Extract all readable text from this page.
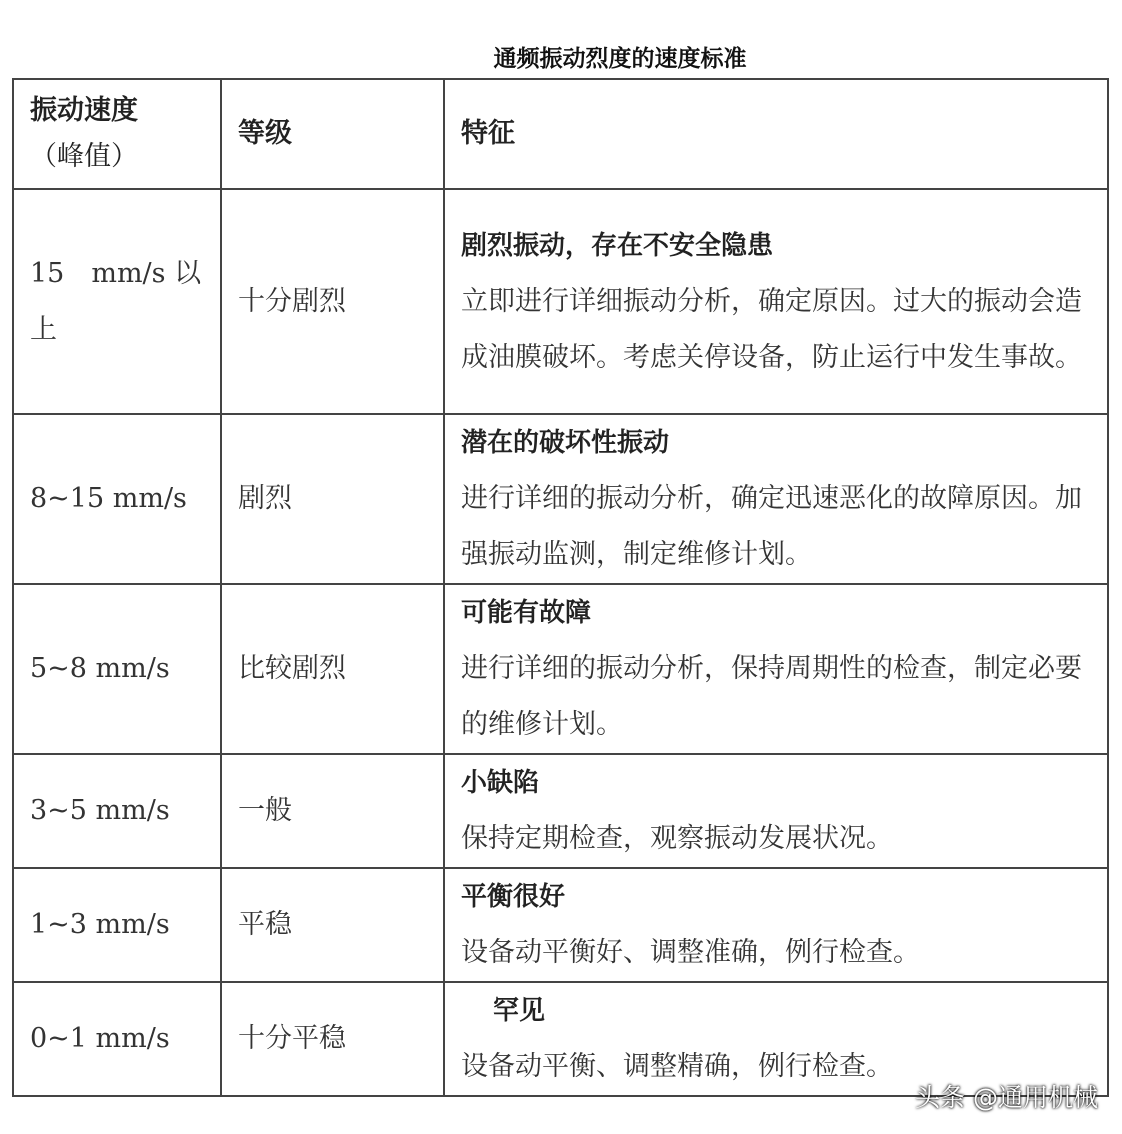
通频振动烈度的速度标准
振动速度
（峰值）	等级	特征
15　mm/s 以上	十分剧烈	剧烈振动，存在不安全隐患
立即进行详细振动分析，确定原因。过大的振动会造成油膜破坏。考虑关停设备，防止运行中发生事故。

8~15 mm/s	剧烈	潜在的破坏性振动
进行详细的振动分析，确定迅速恶化的故障原因。加强振动监测，制定维修计划。

5~8 mm/s	比较剧烈	可能有故障
进行详细的振动分析，保持周期性的检查，制定必要的维修计划。

3~5 mm/s	一般	小缺陷
保持定期检查，观察振动发展状况。

1~3 mm/s	平稳	平衡很好
设备动平衡好、调整准确，例行检查。

0~1 mm/s	十分平稳	罕见
设备动平衡、调整精确，例行检查。
头条 @通用机械
